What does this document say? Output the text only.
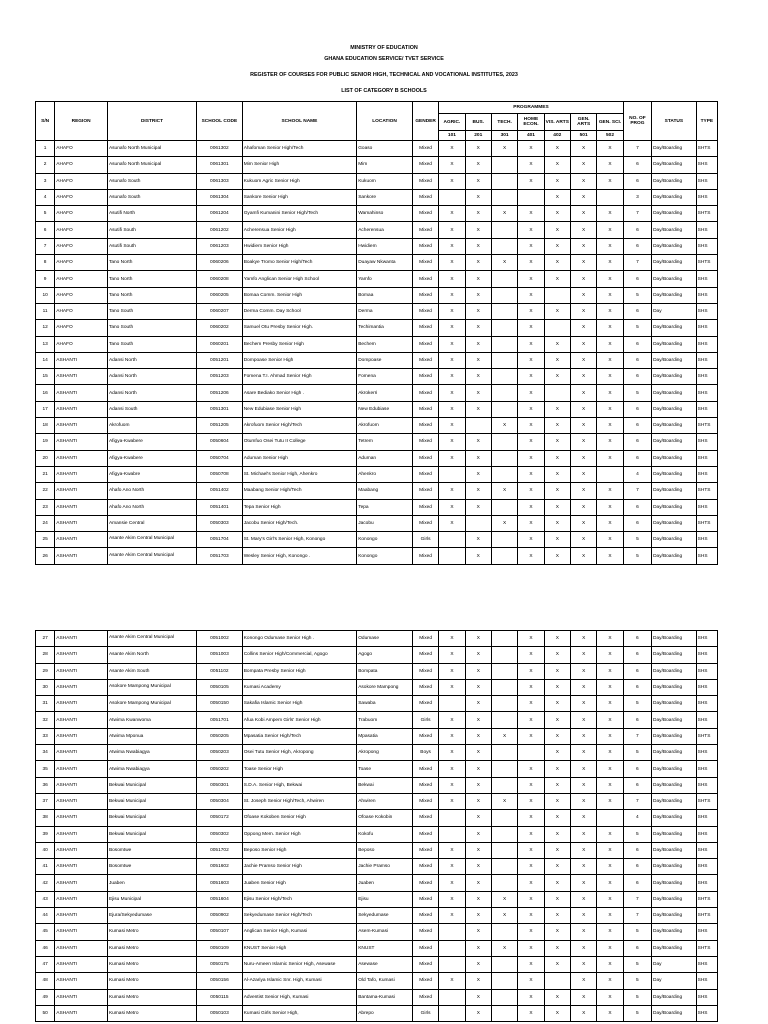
MINISTRY OF EDUCATION
GHANA EDUCATION SERVICE/ TVET SERVICE
REGISTER OF COURSES FOR PUBLIC SENIOR HIGH, TECHNICAL AND VOCATIONAL INSTITUTES, 2023
LIST OF CATEGORY B SCHOOLS
S/N	REGION	DISTRICT	SCHOOL CODE	SCHOOL NAME	LOCATION	GENDER	PROGRAMMES							NO. OF PROG	STATUS	TYPE
							AGRIC.	BUS.	TECH.	HOME ECON.	VIS. ARTS	GEN. ARTS	GEN. SCI.			
							101	201	301	401	402	501	502			
1	AHAFO	Asunafo North Municipal	0061302	Ahafoman Senior High/Tech	Goaso	Mixed	X	X	X	X	X	X	X	7	Day/Boarding	SHTS
2	AHAFO	Asunafo North Municipal	0061301	Mim Senior High	Mim	Mixed	X	X		X	X	X	X	6	Day/Boarding	SHS
3	AHAFO	Asunafo South	0061303	Kukuom Agric Senior High	Kukuom	Mixed	X	X		X	X	X	X	6	Day/Boarding	SHS
4	AHAFO	Asunafo South	0061304	Sankore Senior High	Sankore	Mixed		X			X	X		3	Day/Boarding	SHS
5	AHAFO	Asutifi North	0061204	Gyamfi Kumanini Senior High/Tech	Wamahinso	Mixed	X	X	X	X	X	X	X	7	Day/Boarding	SHTS
6	AHAFO	Asutifi South	0061202	Acherensua Senior High	Acherensua	Mixed	X	X		X	X	X	X	6	Day/Boarding	SHS
7	AHAFO	Asutifi South	0061203	Hwidiem Senior High	Hwidiem	Mixed	X	X		X	X	X	X	6	Day/Boarding	SHS
8	AHAFO	Tano North	0060206	Boakye Tromo Senior High/Tech	Duayaw Nkwanta	Mixed	X	X	X	X	X	X	X	7	Day/Boarding	SHTS
9	AHAFO	Tano North	0060208	Yamfo Anglican Senior High School	Yamfo	Mixed	X	X		X	X	X	X	6	Day/Boarding	SHS
10	AHAFO	Tano North	0060205	Bomaa Comm. Senior High	Bomaa	Mixed	X	X		X		X	X	5	Day/Boarding	SHS
11	AHAFO	Tano South	0060207	Derma Comm. Day School	Derma	Mixed	X	X		X	X	X	X	6	Day	SHS
12	AHAFO	Tano South	0060202	Samuel Otu Presby Senior High.	Techimantia	Mixed	X	X		X		X	X	5	Day/Boarding	SHS
13	AHAFO	Tano South	0060201	Bechem Presby Senior High	Bechem	Mixed	X	X		X	X	X	X	6	Day/Boarding	SHS
14	ASHANTI	Adansi North	0051201	Dompoase Senior High	Dompoase	Mixed	X	X		X	X	X	X	6	Day/Boarding	SHS
15	ASHANTI	Adansi North	0051203	Fomena T.I. Ahmad Senior High	Fomena	Mixed	X	X		X	X	X	X	6	Day/Boarding	SHS
16	ASHANTI	Adansi North	0051206	Asare Bediako Senior High .	Akrokerri	Mixed	X	X		X		X	X	5	Day/Boarding	SHS
17	ASHANTI	Adansi South	0051301	New Edubiase Senior High	New Edubiase	Mixed	X	X		X	X	X	X	6	Day/Boarding	SHS
18	ASHANTI	Akrofuom	0051205	Akrofuom Senior High/Tech	Akrofuom	Mixed	X		X	X	X	X	X	6	Day/Boarding	SHTS
19	ASHANTI	Afigya-Kwabere	0050604	Otumfuo Osei Tutu II College	Tetrem	Mixed	X	X		X	X	X	X	6	Day/Boarding	SHS
20	ASHANTI	Afigya-Kwabere	0050704	Aduman Senior High	Aduman	Mixed	X	X		X	X	X	X	6	Day/Boarding	SHS
21	ASHANTI	Afigya-Kwabre	0050708	St. Michael's Senior High, Ahenkro	Ahenkro	Mixed		X		X	X	X		4	Day/Boarding	SHS
22	ASHANTI	Ahafo Ano North	0051402	Maabang Senior High/Tech	Maabang	Mixed	X	X	X	X	X	X	X	7	Day/Boarding	SHTS
23	ASHANTI	Ahafo Ano North	0051401	Tepa Senior High	Tepa	Mixed	X	X		X	X	X	X	6	Day/Boarding	SHS
24	ASHANTI	Amansie Central	0050303	Jacobu Senior High/Tech.	Jacobu	Mixed	X		X	X	X	X	X	6	Day/Boarding	SHTS
25	ASHANTI	Asante Akim Central Municipal	0051704	St. Mary's Girl's Senior High, Konongo	Konongo	Girls		X		X	X	X	X	5	Day/Boarding	SHS
26	ASHANTI	Asante Akim Central Municipal	0051703	Wesley Senior High, Konongo .	Konongo	Mixed		X		X	X	X	X	5	Day/Boarding	SHS
27	ASHANTI	Asante Akim Central Municipal	0051002	Konongo Odumase Senior High .	Odumase	Mixed	X	X		X	X	X	X	6	Day/Boarding	SHS
28	ASHANTI	Asante Akim North	0051003	Collins Senior High/Commercial, Agogo	Agogo	Mixed	X	X		X	X	X	X	6	Day/Boarding	SHS
29	ASHANTI	Asante Akim South	0051102	Bompata Presby Senior High	Bompata	Mixed	X	X		X	X	X	X	6	Day/Boarding	SHS
30	ASHANTI	Asokore Mampong Municipal	0050105	Kumasi Academy	Asokore Mampong	Mixed	X	X		X	X	X	X	6	Day/Boarding	SHS
31	ASHANTI	Asokore Mampong Municipal	0050150	Sakafia Islamic Senior High	Sawaba	Mixed		X		X	X	X	X	5	Day/Boarding	SHS
32	ASHANTI	Atwima Kwanwoma	0051701	Afua Kobi Ampem Girls' Senior High	Trabuom	Girls	X	X		X	X	X	X	6	Day/Boarding	SHS
33	ASHANTI	Atwima Mponua	0050205	Mpasatia Senior High/Tech	Mpasatia	Mixed	X	X	X	X	X	X	X	7	Day/Boarding	SHTS
34	ASHANTI	Atwima Nwabiagya	0050203	Osei Tutu Senior High, Akropong	Akropong	Boys	X	X			X	X	X	5	Day/Boarding	SHS
35	ASHANTI	Atwima Nwabiagya	0050202	Toase Senior High	Toase	Mixed	X	X		X	X	X	X	6	Day/Boarding	SHS
36	ASHANTI	Bekwai Municipal	0050301	S.D.A. Senior High, Bekwai	Bekwai	Mixed	X	X		X	X	X	X	6	Day/Boarding	SHS
37	ASHANTI	Bekwai Municipal	0050304	St. Joseph Senior High/Tech, Ahwiren	Ahwiren	Mixed	X	X	X	X	X	X	X	7	Day/Boarding	SHTS
38	ASHANTI	Bekwai Municipal	0050172	Ofoase Kokoben Senior High	Ofoase Kokobin	Mixed		X		X	X	X		4	Day/Boarding	SHS
39	ASHANTI	Bekwai Municipal	0050302	Oppong Mem. Senior High	Kokofu	Mixed		X		X	X	X	X	5	Day/Boarding	SHS
40	ASHANTI	Bosomtwe	0051702	Beposo Senior High	Beposo	Mixed	X	X		X	X	X	X	6	Day/Boarding	SHS
41	ASHANTI	Bosomtwe	0051602	Jachie Pramso Senior High	Jachie Pramso	Mixed	X	X		X	X	X	X	6	Day/Boarding	SHS
42	ASHANTI	Juaben	0051603	Juaben Senior High	Juaben	Mixed	X	X		X	X	X	X	6	Day/Boarding	SHS
43	ASHANTI	Ejisu Municipal	0051604	Ejisu Senior High/Tech	Ejisu	Mixed	X	X	X	X	X	X	X	7	Day/Boarding	SHTS
44	ASHANTI	Ejura/Sekyedumase	0050902	Sekyedumase Senior High/Tech	Sekyedumase	Mixed	X	X	X	X	X	X	X	7	Day/Boarding	SHTS
45	ASHANTI	Kumasi Metro	0050107	Anglican Senior High, Kumasi	Asem-Kumasi	Mixed		X		X	X	X	X	5	Day/Boarding	SHS
46	ASHANTI	Kumasi Metro	0050109	KNUST Senior High	KNUST	Mixed		X	X	X	X	X	X	6	Day/Boarding	SHTS
47	ASHANTI	Kumasi Metro	0050175	Nuru-Ameen Islamic Senior High, Asewase	Asewase	Mixed		X		X	X	X	X	5	Day	SHS
48	ASHANTI	Kumasi Metro	0050156	Al-Azariya Islamic Snr. High, Kumasi	Old Tafo, Kumasi	Mixed	X	X		X		X	X	5	Day	SHS
49	ASHANTI	Kumasi Metro	0050115	Adventist Senior High, Kumasi	Bantama-Kumasi	Mixed		X		X	X	X	X	5	Day/Boarding	SHS
50	ASHANTI	Kumasi Metro	0050103	Kumasi Girls Senior High,	Abrepo	Girls		X		X	X	X	X	5	Day/Boarding	SHS
